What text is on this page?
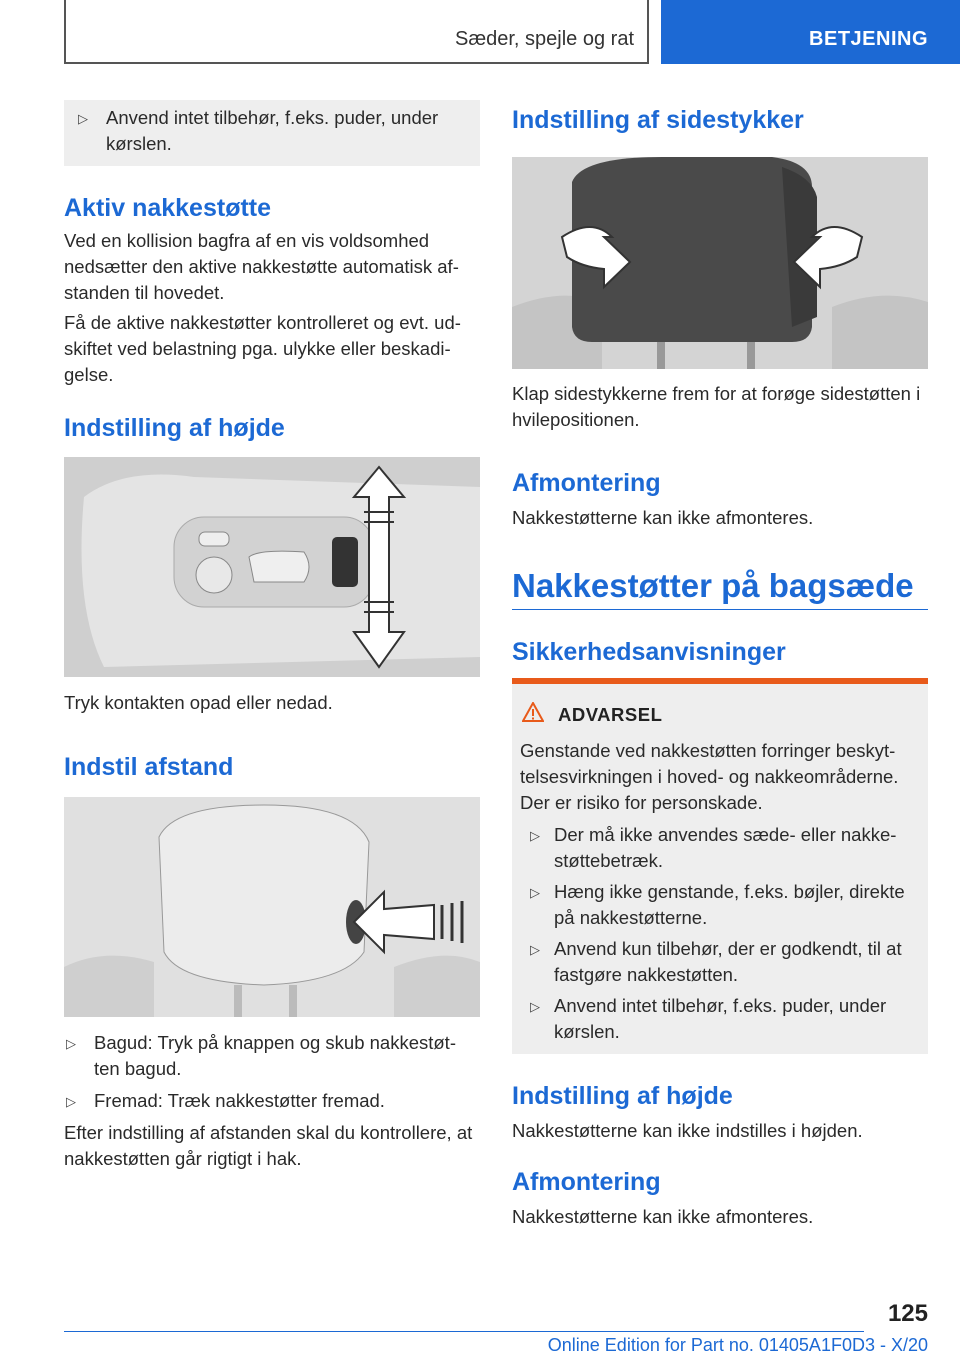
Sæder, spejle og rat	BETJENING
▷ Anvend intet tilbehør, f.eks. puder, under kørslen.
Aktiv nakkestøtte
Ved en kollision bagfra af en vis voldsomhed nedsætter den aktive nakkestøtte automatisk af-standen til hovedet.
Få de aktive nakkestøtter kontrolleret og evt. ud-skiftet ved belastning pga. ulykke eller beskadi-gelse.
Indstilling af højde
Tryk kontakten opad eller nedad.
Indstil afstand
▷ Bagud: Tryk på knappen og skub nakkestøt-ten bagud.
▷ Fremad: Træk nakkestøtter fremad.
Efter indstilling af afstanden skal du kontrollere, at nakkestøtten går rigtigt i hak.
Indstilling af sidestykker
Klap sidestykkerne frem for at forøge sidestøtten i hvilepositionen.
Afmontering
Nakkestøtterne kan ikke afmonteres.
Nakkestøtter på bagsæde
Sikkerhedsanvisninger
ADVARSEL
Genstande ved nakkestøtten forringer beskyt-telsesvirkningen i hoved- og nakkeområderne. Der er risiko for personskade.
▷ Der må ikke anvendes sæde- eller nakke-støttebetræk.
▷ Hæng ikke genstande, f.eks. bøjler, direkte på nakkestøtterne.
▷ Anvend kun tilbehør, der er godkendt, til at fastgøre nakkestøtten.
▷ Anvend intet tilbehør, f.eks. puder, under kørslen.
Indstilling af højde
Nakkestøtterne kan ikke indstilles i højden.
Afmontering
Nakkestøtterne kan ikke afmonteres.
125
Online Edition for Part no. 01405A1F0D3 - X/20
